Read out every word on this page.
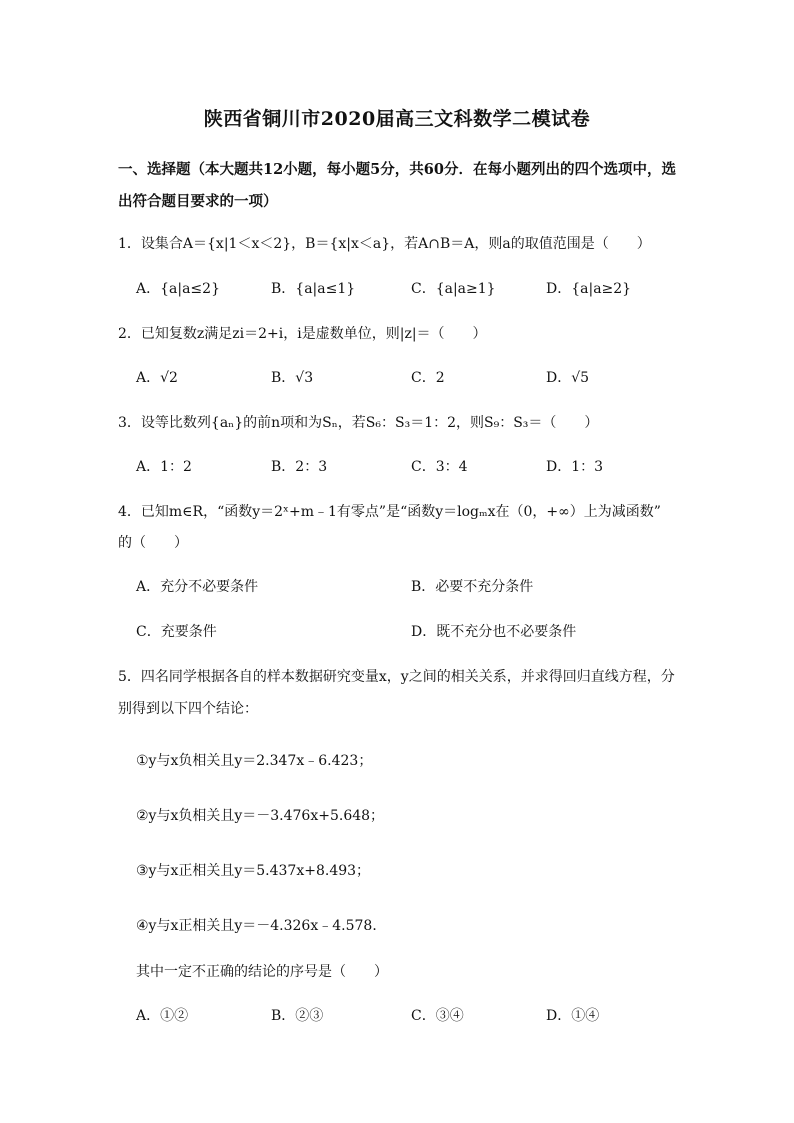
陕西省铜川市2020届高三文科数学二模试卷
一、选择题（本大题共12小题，每小题5分，共60分．在每小题列出的四个选项中，选
出符合题目要求的一项）
1．设集合A＝{x|1＜x＜2}，B＝{x|x＜a}，若A∩B＝A，则a的取值范围是（　　）
A．{a|a≤2}	B．{a|a≤1}	C．{a|a≥1}	D．{a|a≥2}
2．已知复数z满足zi＝2+i，i是虚数单位，则|z|＝（　　）
A．√2	B．√3	C．2	D．√5
3．设等比数列{aₙ}的前n项和为Sₙ，若S₆：S₃＝1：2，则S₉：S₃＝（　　）
A．1：2	B．2：3	C．3：4	D．1：3
4．已知m∈R，“函数y＝2ˣ+m﹣1有零点”是“函数y＝logₘx在（0，+∞）上为减函数”
的（　　）
A．充分不必要条件	B．必要不充分条件
C．充要条件	D．既不充分也不必要条件
5．四名同学根据各自的样本数据研究变量x，y之间的相关关系，并求得回归直线方程，分
别得到以下四个结论：
①y与x负相关且y＝2.347x﹣6.423；
②y与x负相关且y＝－3.476x+5.648；
③y与x正相关且y＝5.437x+8.493；
④y与x正相关且y＝－4.326x﹣4.578．
其中一定不正确的结论的序号是（　　）
A．①②	B．②③	C．③④	D．①④
